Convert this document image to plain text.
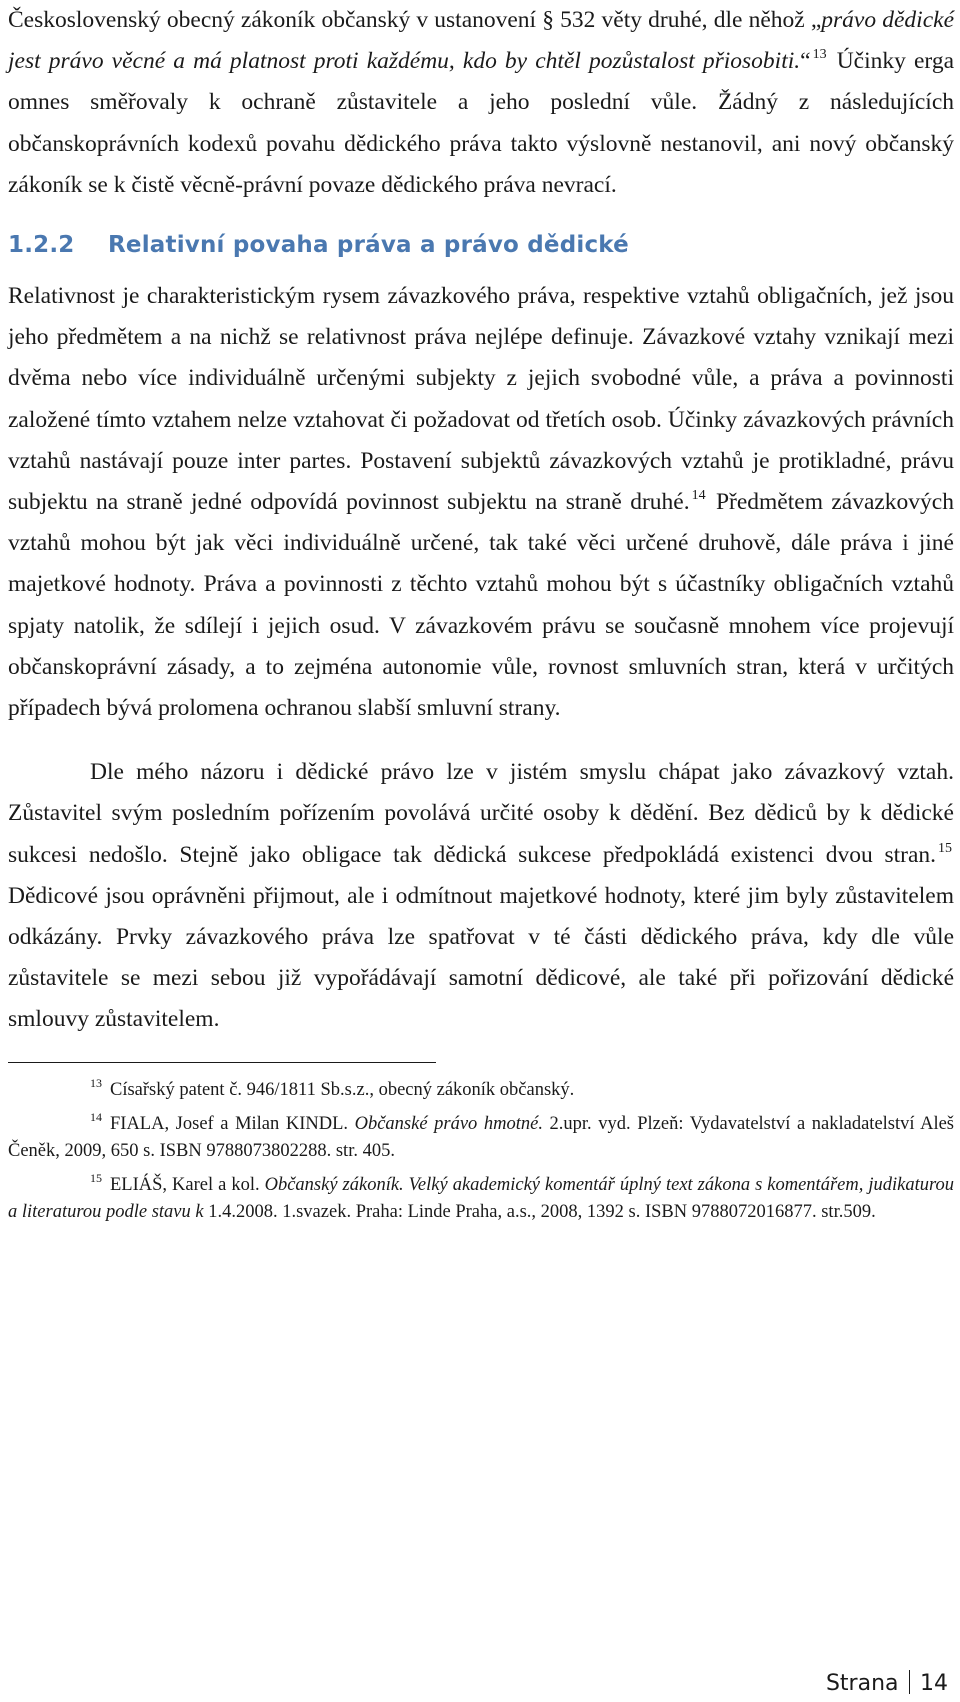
Československý obecný zákoník občanský v ustanovení § 532 věty druhé, dle něhož „právo dědické jest právo věcné a má platnost proti každému, kdo by chtěl pozůstalost přiosobiti.“ $^{13}$ Účinky erga omnes směřovaly k ochraně zůstavitele a jeho poslední vůle. Žádný z následujících občanskoprávních kodexů povahu dědického práva takto výslovně nestanovil, ani nový občanský zákoník se k čistě věcně-právní povaze dědického práva nevrací.

1.2.2 Relativní povaha práva a právo dědické

Relativnost je charakteristickým rysem závazkového práva, respektive vztahů obligačních, jež jsou jeho předmětem a na nichž se relativnost práva nejlépe definuje. Závazkové vztahy vznikají mezi dvěma nebo více individuálně určenými subjekty z jejich svobodné vůle, a práva a povinnosti založené tímto vztahem nelze vztahovat či požadovat od třetích osob. Účinky závazkových právních vztahů nastávají pouze inter partes. Postavení subjektů závazkových vztahů je protikladné, právu subjektu na straně jedné odpovídá povinnost subjektu na straně druhé. $^{14}$ Předmětem závazkových vztahů mohou být jak věci individuálně určené, tak také věci určené druhově, dále práva i jiné majetkové hodnoty. Práva a povinnosti z těchto vztahů mohou být s účastníky obligačních vztahů spjaty natolik, že sdílejí i jejich osud. V závazkovém právu se současně mnohem více projevují občanskoprávní zásady, a to zejména autonomie vůle, rovnost smluvních stran, která v určitých případech bývá prolomena ochranou slabší smluvní strany.

Dle mého názoru i dědické právo lze v jistém smyslu chápat jako závazkový vztah. Zůstavitel svým posledním pořízením povolává určité osoby k dědění. Bez dědiců by k dědické sukcesi nedošlo. Stejně jako obligace tak dědická sukcese předpokládá existenci dvou stran. $^{15}$ Dědicové jsou oprávněni přijmout, ale i odmítnout majetkové hodnoty, které jim byly zůstavitelem odkázány. Prvky závazkového práva lze spatřovat v té části dědického práva, kdy dle vůle zůstavitele se mezi sebou již vypořádávají samotní dědicové, ale také při pořizování dědické smlouvy zůstavitelem.

$^{13}$ Císařský patent č. 946/1811 Sb.s.z., obecný zákoník občanský.

$^{14}$ FIALA, Josef a Milan KINDL. Občanské právo hmotné. 2.upr. vyd. Plzeň: Vydavatelství a nakladatelství Aleš Čeněk, 2009, 650 s. ISBN 9788073802288. str. 405.

$^{15}$ ELIÁŠ, Karel a kol. Občanský zákoník. Velký akademický komentář úplný text zákona s komentářem, judikaturou a literaturou podle stavu k 1.4.2008. 1.svazek. Praha: Linde Praha, a.s., 2008, 1392 s. ISBN 9788072016877. str.509.

Strana 14
